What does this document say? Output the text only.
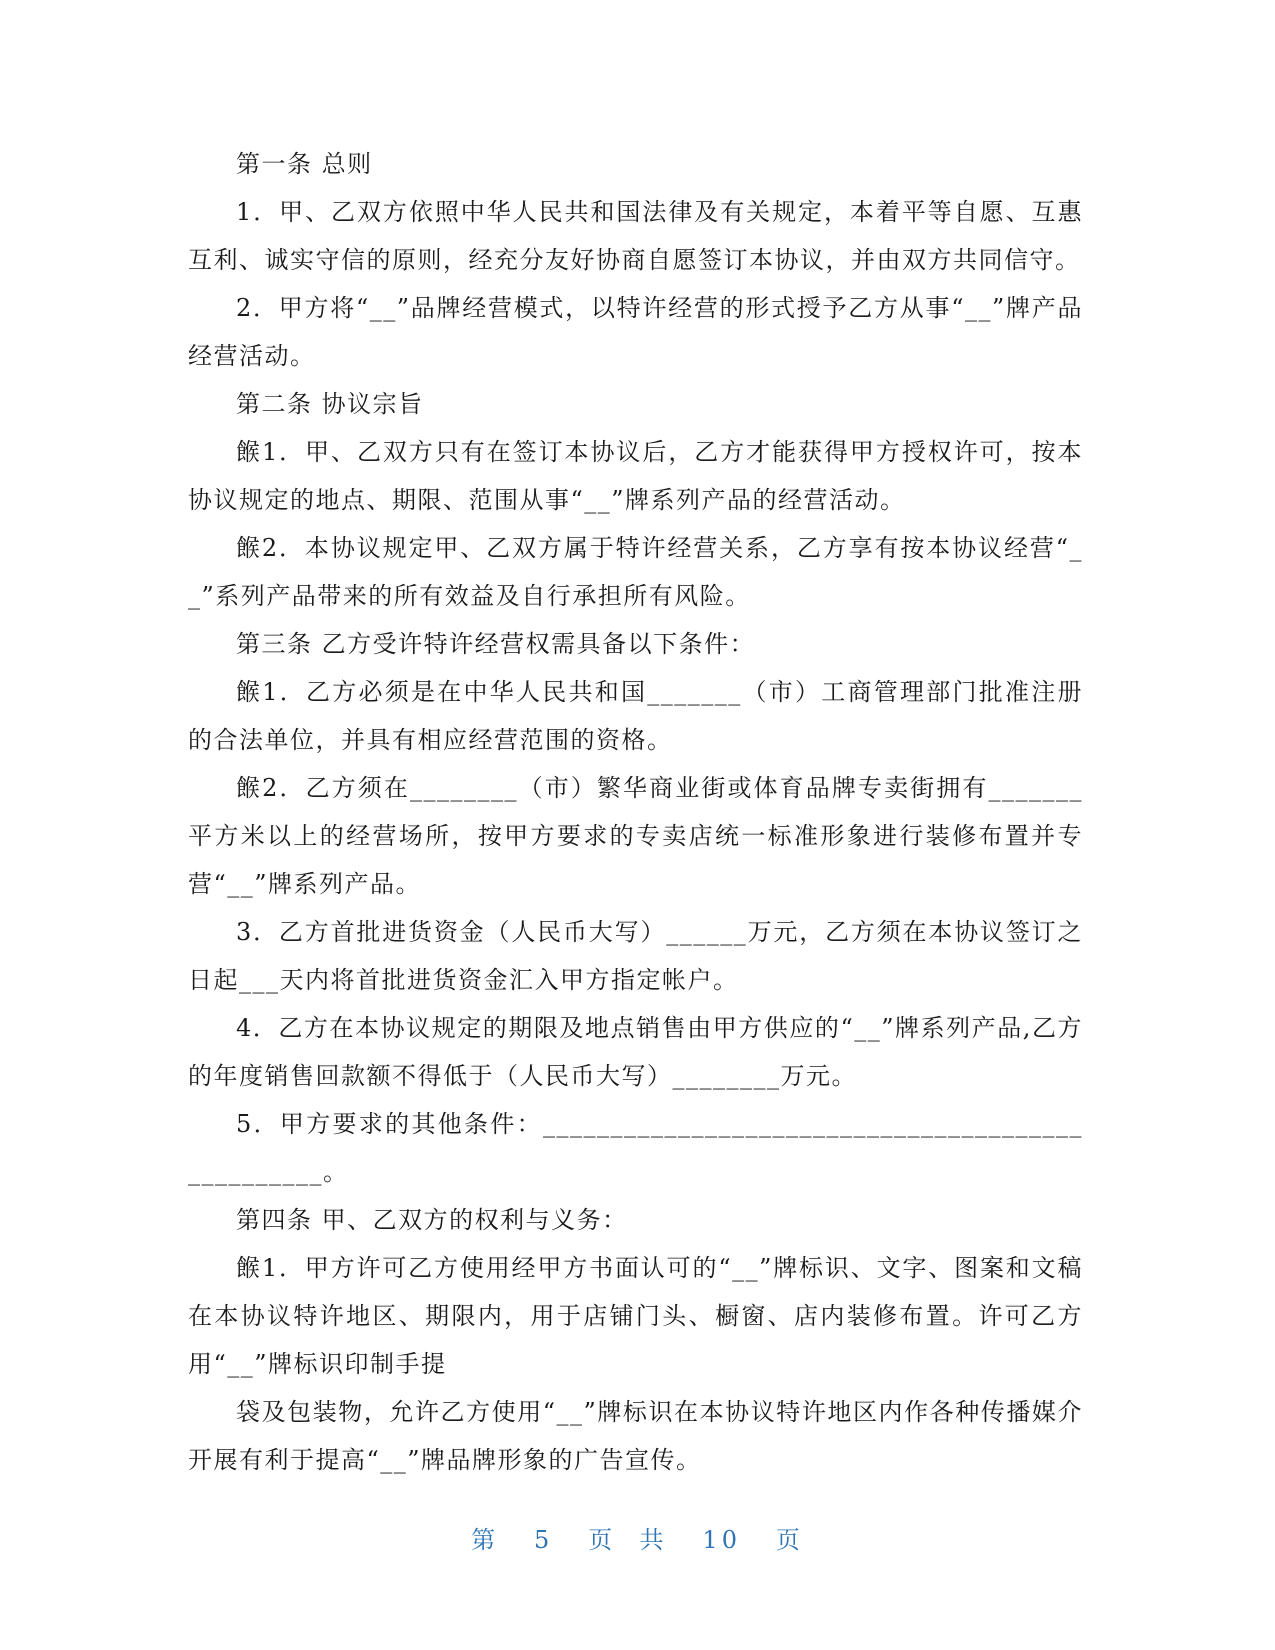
第一条 总则

1．甲、乙双方依照中华人民共和国法律及有关规定，本着平等自愿、互惠互利、诚实守信的原则，经充分友好协商自愿签订本协议，并由双方共同信守。

2．甲方将“__”品牌经营模式，以特许经营的形式授予乙方从事“__”牌产品经营活动。

第二条 协议宗旨

餱1．甲、乙双方只有在签订本协议后，乙方才能获得甲方授权许可，按本协议规定的地点、期限、范围从事“__”牌系列产品的经营活动。

餱2．本协议规定甲、乙双方属于特许经营关系，乙方享有按本协议经营“__”系列产品带来的所有效益及自行承担所有风险。

第三条 乙方受许特许经营权需具备以下条件：

餱1．乙方必须是在中华人民共和国_______（市）工商管理部门批准注册的合法单位，并具有相应经营范围的资格。

餱2．乙方须在________（市）繁华商业街或体育品牌专卖街拥有_______平方米以上的经营场所，按甲方要求的专卖店统一标准形象进行装修布置并专营“__”牌系列产品。

3．乙方首批进货资金（人民币大写）______万元，乙方须在本协议签订之日起___天内将首批进货资金汇入甲方指定帐户。

4．乙方在本协议规定的期限及地点销售由甲方供应的“__”牌系列产品,乙方的年度销售回款额不得低于（人民币大写）________万元。

5．甲方要求的其他条件：__________________________________________________。

第四条 甲、乙双方的权利与义务：

餱1．甲方许可乙方使用经甲方书面认可的“__”牌标识、文字、图案和文稿在本协议特许地区、期限内，用于店铺门头、橱窗、店内装修布置。许可乙方用“__”牌标识印制手提

袋及包装物，允许乙方使用“__”牌标识在本协议特许地区内作各种传播媒介开展有利于提高“__”牌品牌形象的广告宣传。

第 5 页  共 10 页
